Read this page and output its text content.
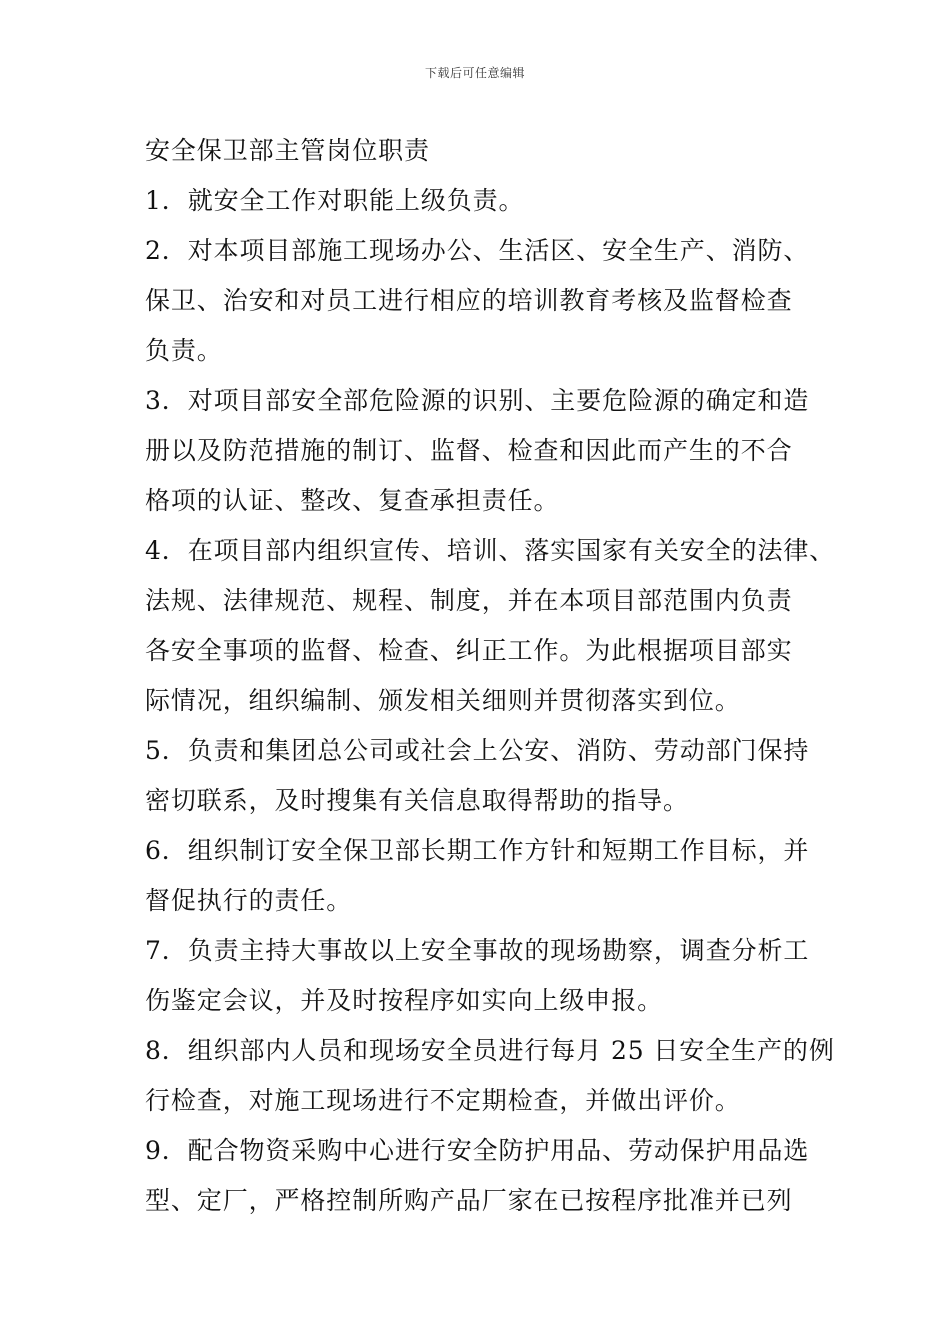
下载后可任意编辑
安全保卫部主管岗位职责
1．就安全工作对职能上级负责。
2．对本项目部施工现场办公、生活区、安全生产、消防、
保卫、治安和对员工进行相应的培训教育考核及监督检查
负责。
3．对项目部安全部危险源的识别、主要危险源的确定和造
册以及防范措施的制订、监督、检查和因此而产生的不合
格项的认证、整改、复查承担责任。
4．在项目部内组织宣传、培训、落实国家有关安全的法律、
法规、法律规范、规程、制度，并在本项目部范围内负责
各安全事项的监督、检查、纠正工作。为此根据项目部实
际情况，组织编制、颁发相关细则并贯彻落实到位。
5．负责和集团总公司或社会上公安、消防、劳动部门保持
密切联系，及时搜集有关信息取得帮助的指导。
6．组织制订安全保卫部长期工作方针和短期工作目标，并
督促执行的责任。
7．负责主持大事故以上安全事故的现场勘察，调查分析工
伤鉴定会议，并及时按程序如实向上级申报。
8．组织部内人员和现场安全员进行每月 25 日安全生产的例
行检查，对施工现场进行不定期检查，并做出评价。
9．配合物资采购中心进行安全防护用品、劳动保护用品选
型、定厂，严格控制所购产品厂家在已按程序批准并已列
